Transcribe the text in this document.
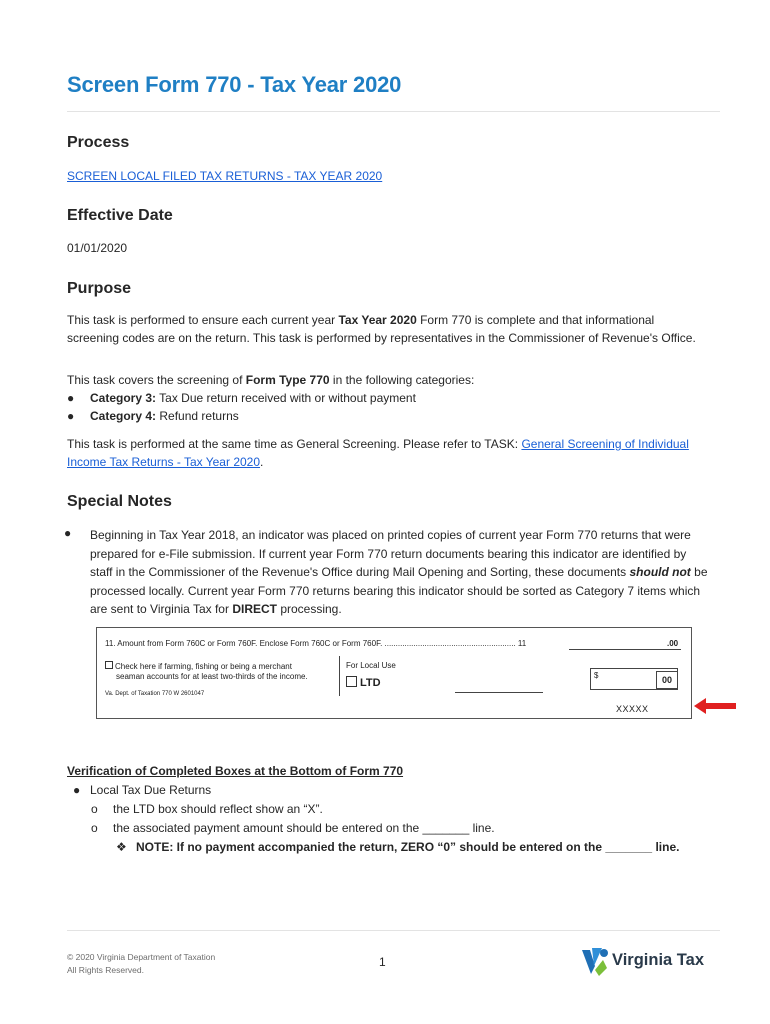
Screen Form 770 - Tax Year 2020
Process
SCREEN LOCAL FILED TAX RETURNS - TAX YEAR 2020
Effective Date

01/01/2020

Purpose

This task is performed to ensure each current year Tax Year 2020 Form 770 is complete and that informational screening codes are on the return. This task is performed by representatives in the Commissioner of Revenue's Office.

This task covers the screening of Form Type 770 in the following categories:

●	Category 3: Tax Due return received with or without payment
●	Category 4: Refund returns

This task is performed at the same time as General Screening. Please refer to TASK: General Screening of Individual Income Tax Returns - Tax Year 2020.

Special Notes
● Beginning in Tax Year 2018, an indicator was placed on printed copies of current year Form 770 returns that were prepared for e-File submission. If current year Form 770 return documents bearing this indicator are identified by staff in the Commissioner of the Revenue's Office during Mail Opening and Sorting, these documents should not be processed locally. Current year Form 770 returns bearing this indicator should be sorted as Category 7 items which are sent to Virginia Tax for DIRECT processing.

11. Amount from Form 760C or Form 760F. Enclose Form 760C or Form 760F. ........................................................... 11	.00
Check here if farming, fishing or being a merchant
seaman accounts for at least two-thirds of the income.
Va. Dept. of Taxation 770 W 2601047
For Local Use
LTD
$	00
XXXXX

Verification of Completed Boxes at the Bottom of Form 770

● Local Tax Due Returns
o	the LTD box should reflect show an “X”.
o	the associated payment amount should be entered on the _______ line.
❖ NOTE: If no payment accompanied the return, ZERO “0” should be entered on the _______ line.
© 2020 Virginia Department of Taxation
All Rights Reserved.
1	Virginia Tax
